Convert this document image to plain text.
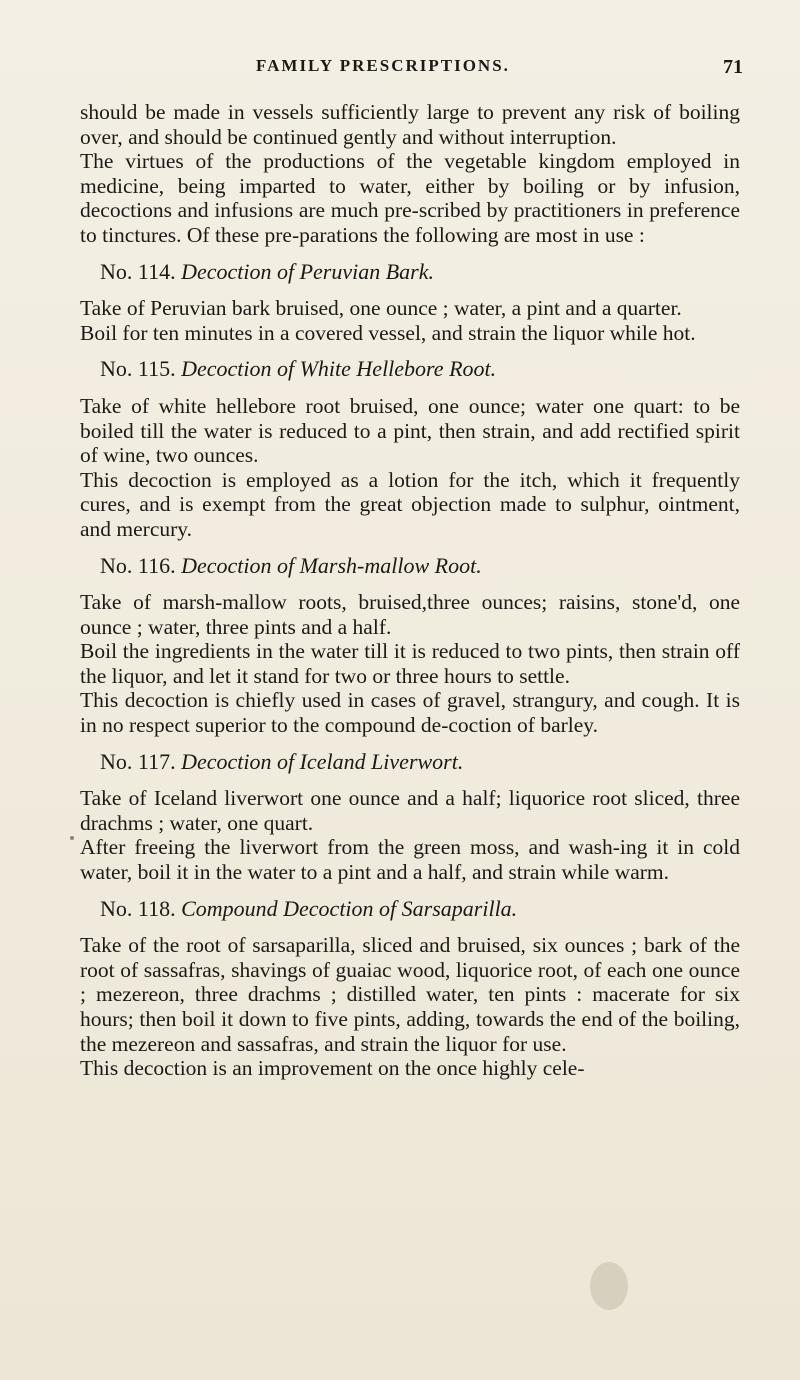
FAMILY PRESCRIPTIONS.	71

should be made in vessels sufficiently large to prevent any risk of boiling over, and should be continued gently and without interruption.

The virtues of the productions of the vegetable kingdom employed in medicine, being imparted to water, either by boiling or by infusion, decoctions and infusions are much pre-scribed by practitioners in preference to tinctures. Of these pre-parations the following are most in use :

No. 114. Decoction of Peruvian Bark.

Take of Peruvian bark bruised, one ounce ; water, a pint and a quarter.

Boil for ten minutes in a covered vessel, and strain the liquor while hot.

No. 115. Decoction of White Hellebore Root.

Take of white hellebore root bruised, one ounce; water one quart: to be boiled till the water is reduced to a pint, then strain, and add rectified spirit of wine, two ounces.

This decoction is employed as a lotion for the itch, which it frequently cures, and is exempt from the great objection made to sulphur, ointment, and mercury.

No. 116. Decoction of Marsh-mallow Root.

Take of marsh-mallow roots, bruised,three ounces; raisins, stone'd, one ounce ; water, three pints and a half.

Boil the ingredients in the water till it is reduced to two pints, then strain off the liquor, and let it stand for two or three hours to settle.

This decoction is chiefly used in cases of gravel, strangury, and cough. It is in no respect superior to the compound de-coction of barley.

No. 117. Decoction of Iceland Liverwort.

Take of Iceland liverwort one ounce and a half; liquorice root sliced, three drachms ; water, one quart.

After freeing the liverwort from the green moss, and wash-ing it in cold water, boil it in the water to a pint and a half, and strain while warm.

No. 118. Compound Decoction of Sarsaparilla.

Take of the root of sarsaparilla, sliced and bruised, six ounces ; bark of the root of sassafras, shavings of guaiac wood, liquorice root, of each one ounce ; mezereon, three drachms ; distilled water, ten pints : macerate for six hours; then boil it down to five pints, adding, towards the end of the boiling, the mezereon and sassafras, and strain the liquor for use.

This decoction is an improvement on the once highly cele-
